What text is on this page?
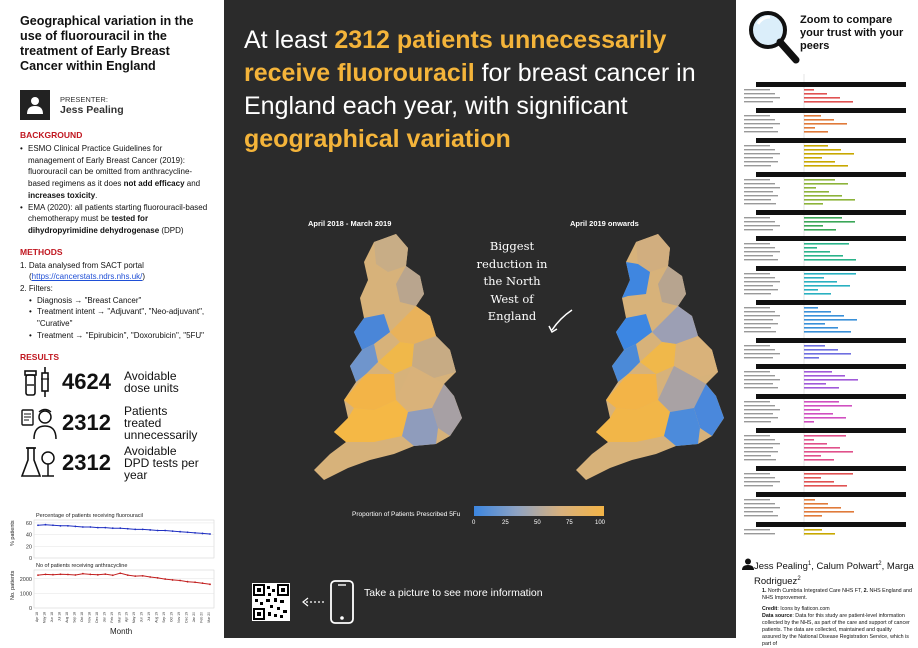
Geographical variation in the use of fluorouracil in the treatment of Early Breast Cancer within England
PRESENTER:
Jess Pealing
BACKGROUND
• ESMO Clinical Practice Guidelines for management of Early Breast Cancer (2019): fluorouracil can be omitted from anthracycline-based regimens as it does not add efficacy and increases toxicity.
• EMA (2020): all patients starting fluorouracil-based chemotherapy must be tested for dihydropyrimidine dehydrogenase (DPD)
METHODS
1. Data analysed from SACT portal
(https://cancerstats.ndrs.nhs.uk/)
2. Filters:
• Diagnosis → "Breast Cancer"
• Treatment intent → "Adjuvant", "Neo-adjuvant", "Curative"
• Treatment → "Epirubicin", "Doxorubicin", "5FU"
RESULTS
4624	Avoidable dose units
2312	Patients treated unnecessarily
2312	Avoidable DPD tests per year
Percentage of patients receiving fluorouracil
60
40
20
0
% patients
No of patients receiving anthracycline
2000
1000
0
No. patients
Apr 18 May 18 Jun 18 Jul 18 Aug 18 Sep 18 Oct 18 Nov 18 Dec 18 Jan 19 Feb 19 Mar 19 Apr 19 May 19 Jun 19 Jul 19 Aug 19 Sep 19 Oct 19 Nov 19 Dec 19 Jan 20 Feb 20 Mar 20
Month
At least 2312 patients unnecessarily receive fluorouracil for breast cancer in England each year, with significant geographical variation
April 2018 - March 2019	April 2019 onwards
Biggest reduction in the North West of England
Proportion of Patients Prescribed 5Fu
0	25	50	75	100
Take a picture to see more information
Zoom to compare your trust with your peers
Jess Pealing$^1$, Calum Polwart$^2$, Marga Rodriguez$^2$
1. North Cumbria Integrated Care NHS FT, 2. NHS England and NHS Improvement.
Credit: Icons by flaticon.com
Data source: Data for this study are patient-level information collected by the NHS, as part of the care and support of cancer patients. The data are collected, maintained and quality assured by the National Disease Registration Service, which is part of
